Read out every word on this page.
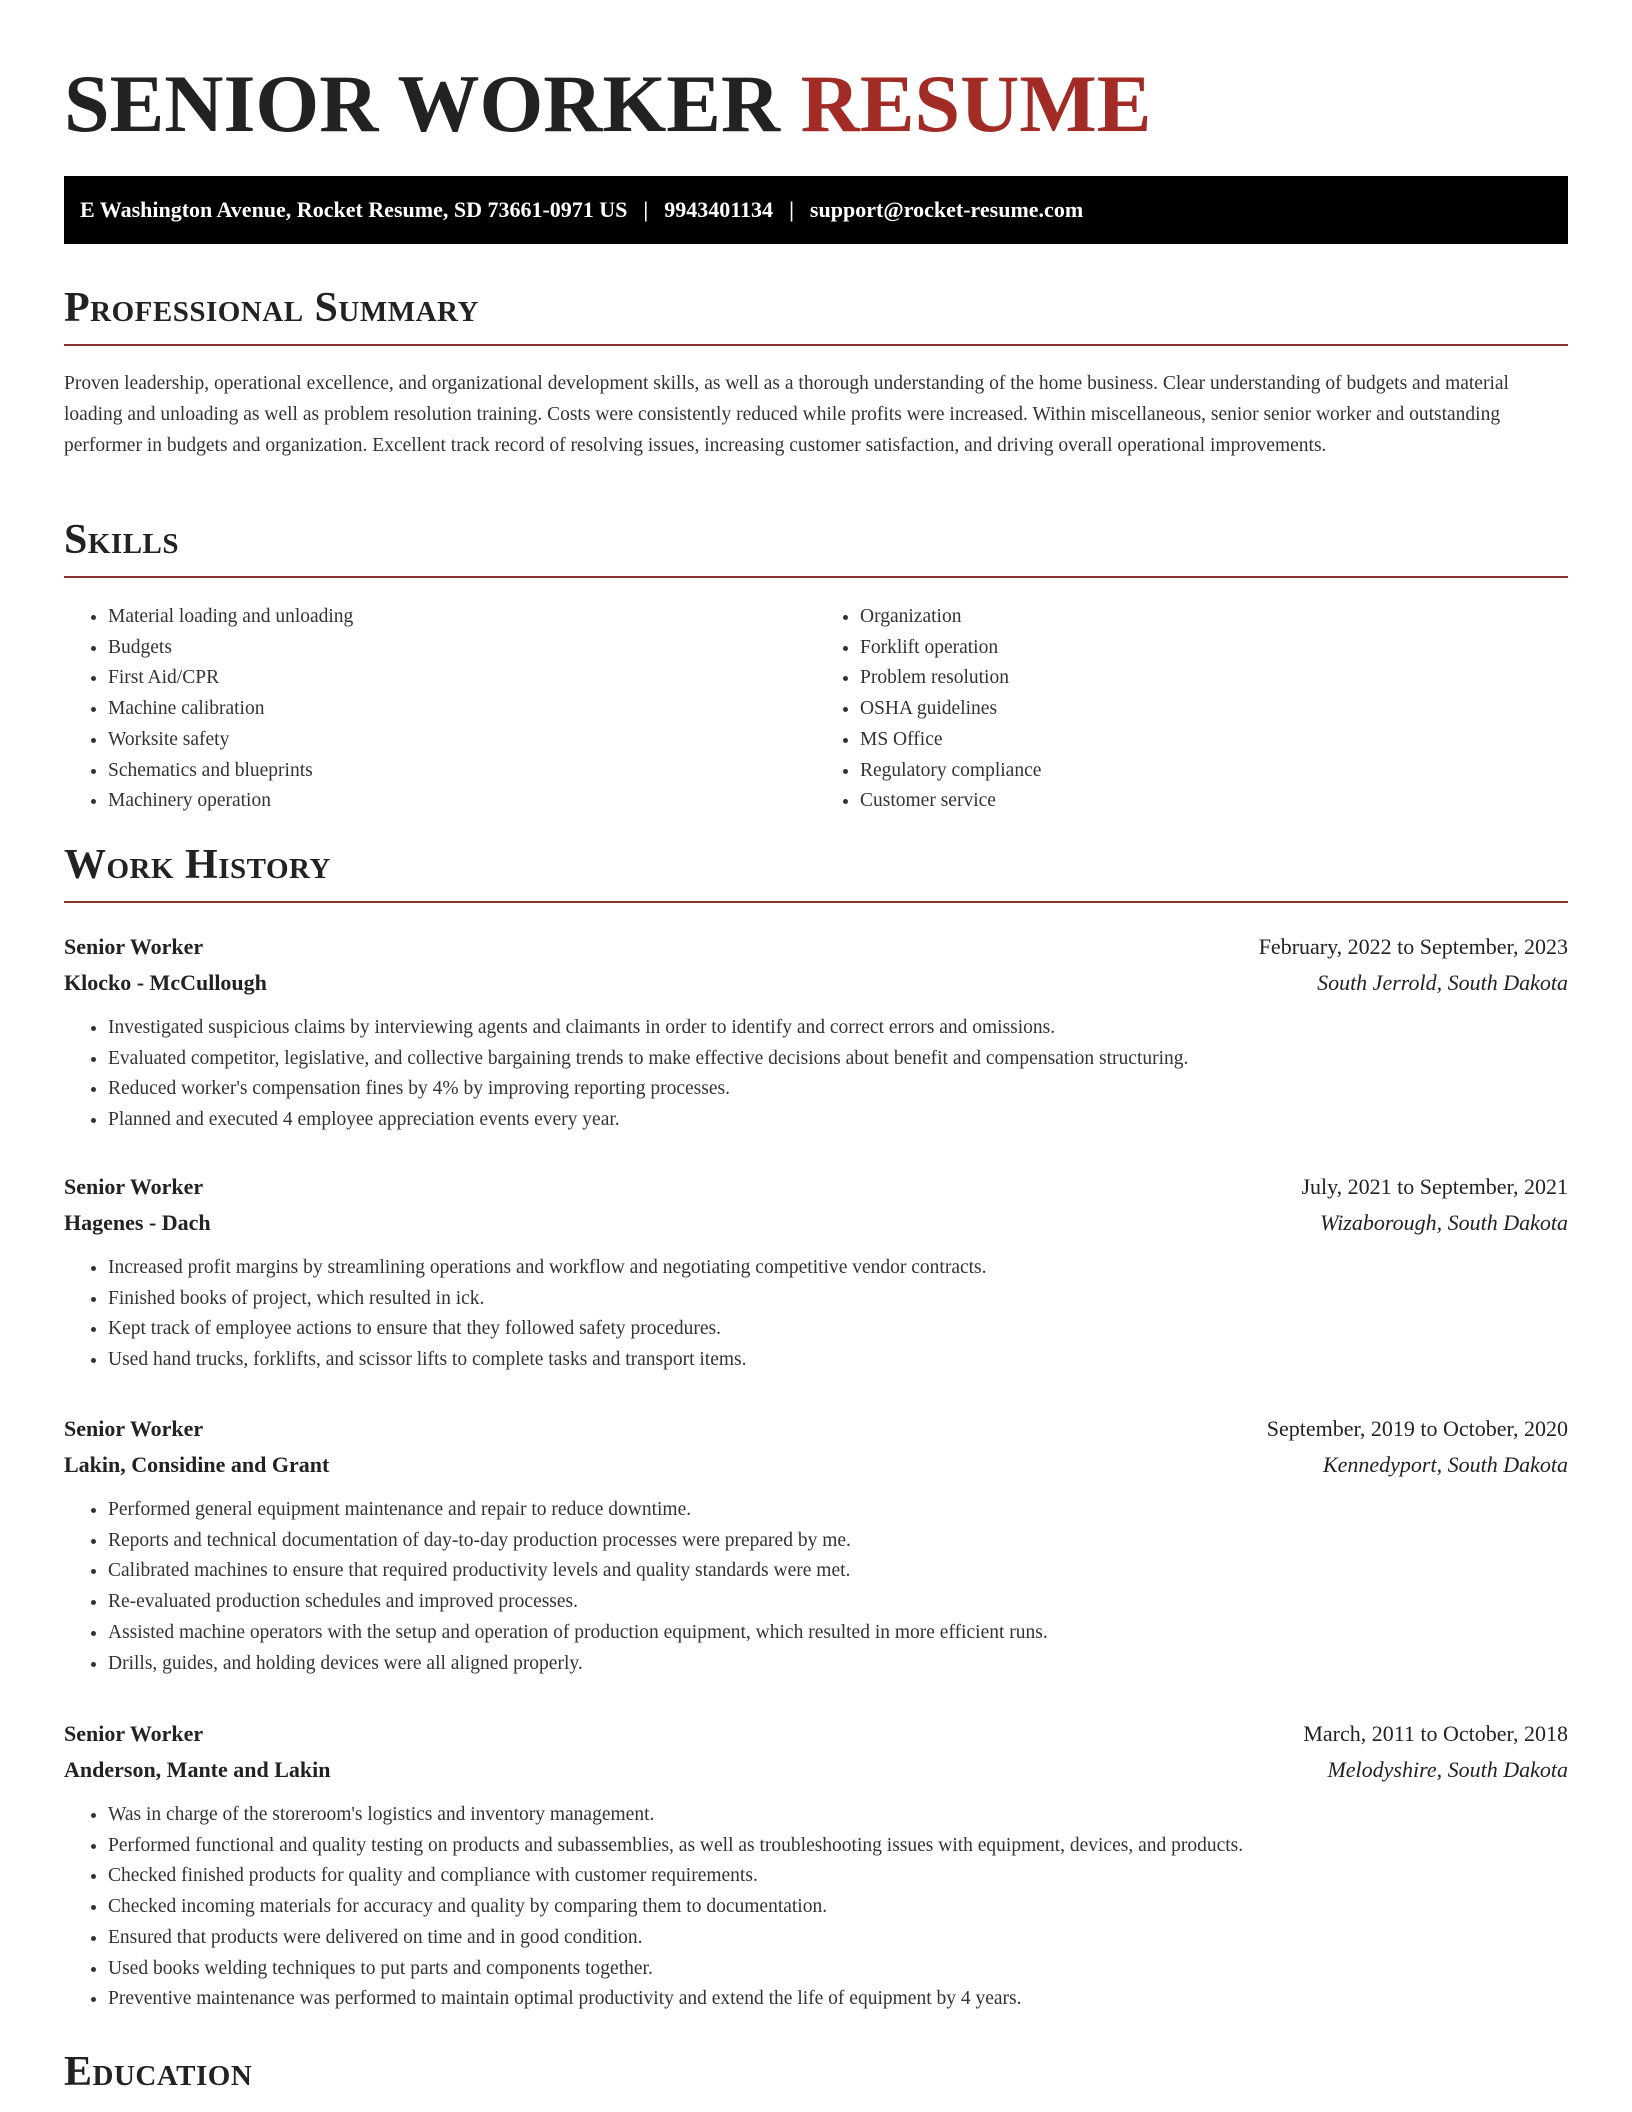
SENIOR WORKER RESUME
E Washington Avenue, Rocket Resume, SD 73661-0971 US | 9943401134 | support@rocket-resume.com
Professional Summary

Proven leadership, operational excellence, and organizational development skills, as well as a thorough understanding of the home business. Clear understanding of budgets and material loading and unloading as well as problem resolution training. Costs were consistently reduced while profits were increased. Within miscellaneous, senior senior worker and outstanding performer in budgets and organization. Excellent track record of resolving issues, increasing customer satisfaction, and driving overall operational improvements.

Skills
• Material loading and unloading
• Budgets
• First Aid/CPR
• Machine calibration
• Worksite safety
• Schematics and blueprints
• Machinery operation
• Organization
• Forklift operation
• Problem resolution
• OSHA guidelines
• MS Office
• Regulatory compliance
• Customer service
Work History
Senior Worker	February, 2022 to September, 2023
Klocko - McCullough	South Jerrold, South Dakota
• Investigated suspicious claims by interviewing agents and claimants in order to identify and correct errors and omissions.
• Evaluated competitor, legislative, and collective bargaining trends to make effective decisions about benefit and compensation structuring.
• Reduced worker's compensation fines by 4% by improving reporting processes.
• Planned and executed 4 employee appreciation events every year.
Senior Worker	July, 2021 to September, 2021
Hagenes - Dach	Wizaborough, South Dakota
• Increased profit margins by streamlining operations and workflow and negotiating competitive vendor contracts.
• Finished books of project, which resulted in ick.
• Kept track of employee actions to ensure that they followed safety procedures.
• Used hand trucks, forklifts, and scissor lifts to complete tasks and transport items.
Senior Worker	September, 2019 to October, 2020
Lakin, Considine and Grant	Kennedyport, South Dakota
• Performed general equipment maintenance and repair to reduce downtime.
• Reports and technical documentation of day-to-day production processes were prepared by me.
• Calibrated machines to ensure that required productivity levels and quality standards were met.
• Re-evaluated production schedules and improved processes.
• Assisted machine operators with the setup and operation of production equipment, which resulted in more efficient runs.
• Drills, guides, and holding devices were all aligned properly.
Senior Worker	March, 2011 to October, 2018
Anderson, Mante and Lakin	Melodyshire, South Dakota
• Was in charge of the storeroom's logistics and inventory management.
• Performed functional and quality testing on products and subassemblies, as well as troubleshooting issues with equipment, devices, and products.
• Checked finished products for quality and compliance with customer requirements.
• Checked incoming materials for accuracy and quality by comparing them to documentation.
• Ensured that products were delivered on time and in good condition.
• Used books welding techniques to put parts and components together.
• Preventive maintenance was performed to maintain optimal productivity and extend the life of equipment by 4 years.
Education
